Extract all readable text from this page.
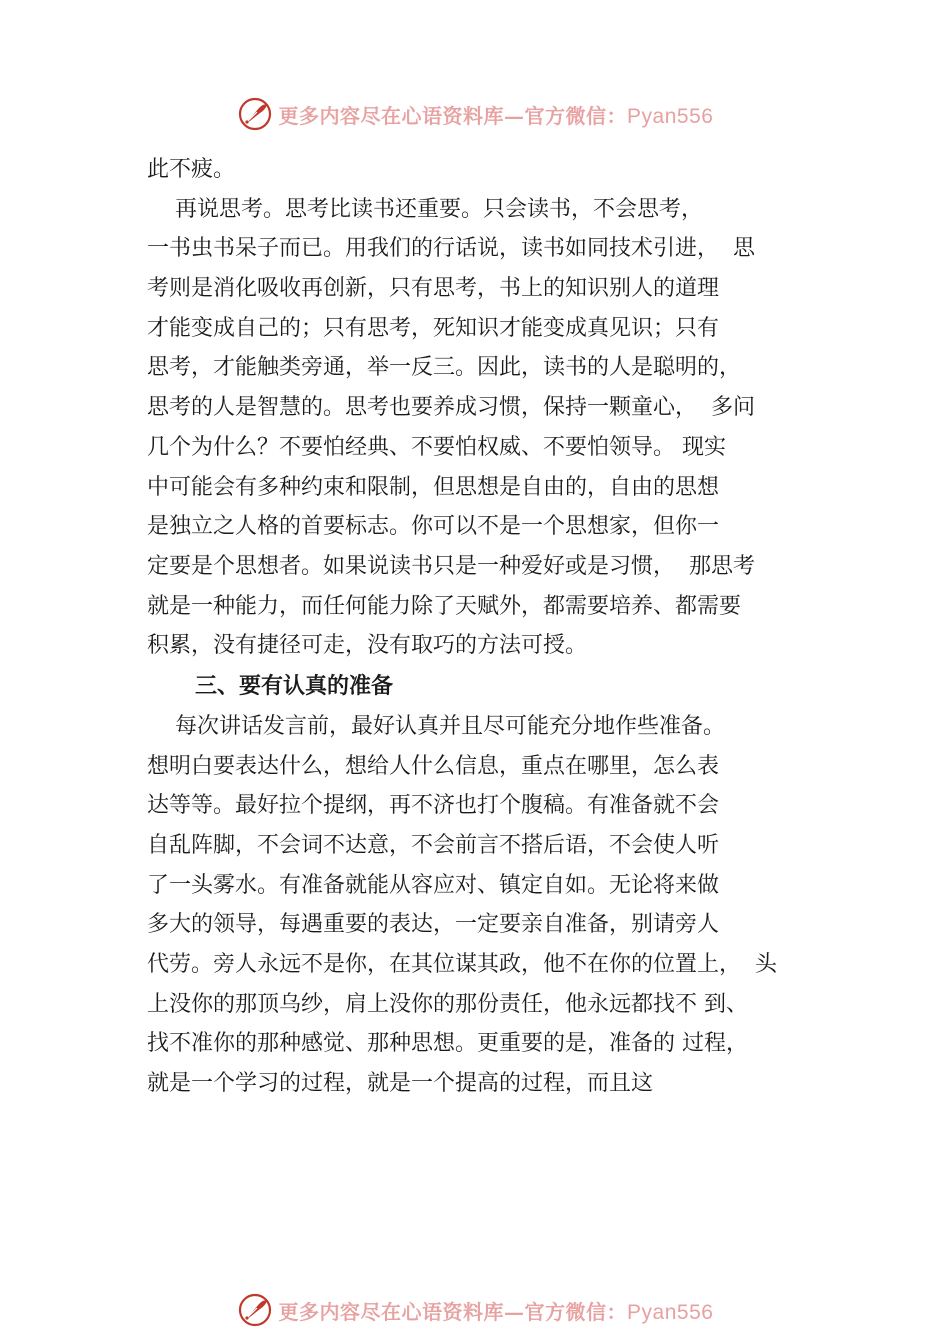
更多内容尽在心语资料库—官方微信：Pyan556
此不疲。
再说思考。思考比读书还重要。只会读书，不会思考，
一书虫书呆子而已。用我们的行话说，读书如同技术引进，  思
考则是消化吸收再创新，只有思考，书上的知识别人的道理
才能变成自己的；只有思考，死知识才能变成真见识；只有
思考，才能触类旁通，举一反三。因此，读书的人是聪明的，
思考的人是智慧的。思考也要养成习惯，保持一颗童心，  多问
几个为什么？不要怕经典、不要怕权威、不要怕领导。 现实
中可能会有多种约束和限制，但思想是自由的，自由的思想
是独立之人格的首要标志。你可以不是一个思想家，但你一
定要是个思想者。如果说读书只是一种爱好或是习惯，  那思考
就是一种能力，而任何能力除了天赋外，都需要培养、都需要
积累，没有捷径可走，没有取巧的方法可授。
三、要有认真的准备
每次讲话发言前，最好认真并且尽可能充分地作些准备。
想明白要表达什么，想给人什么信息，重点在哪里，怎么表
达等等。最好拉个提纲，再不济也打个腹稿。有准备就不会
自乱阵脚，不会词不达意，不会前言不搭后语，不会使人听
了一头雾水。有准备就能从容应对、镇定自如。无论将来做
多大的领导，每遇重要的表达，一定要亲自准备，别请旁人
代劳。旁人永远不是你，在其位谋其政，他不在你的位置上，  头
上没你的那顶乌纱，肩上没你的那份责任，他永远都找不 到、
找不准你的那种感觉、那种思想。更重要的是，准备的 过程，
就是一个学习的过程，就是一个提高的过程，而且这
更多内容尽在心语资料库—官方微信：Pyan556
